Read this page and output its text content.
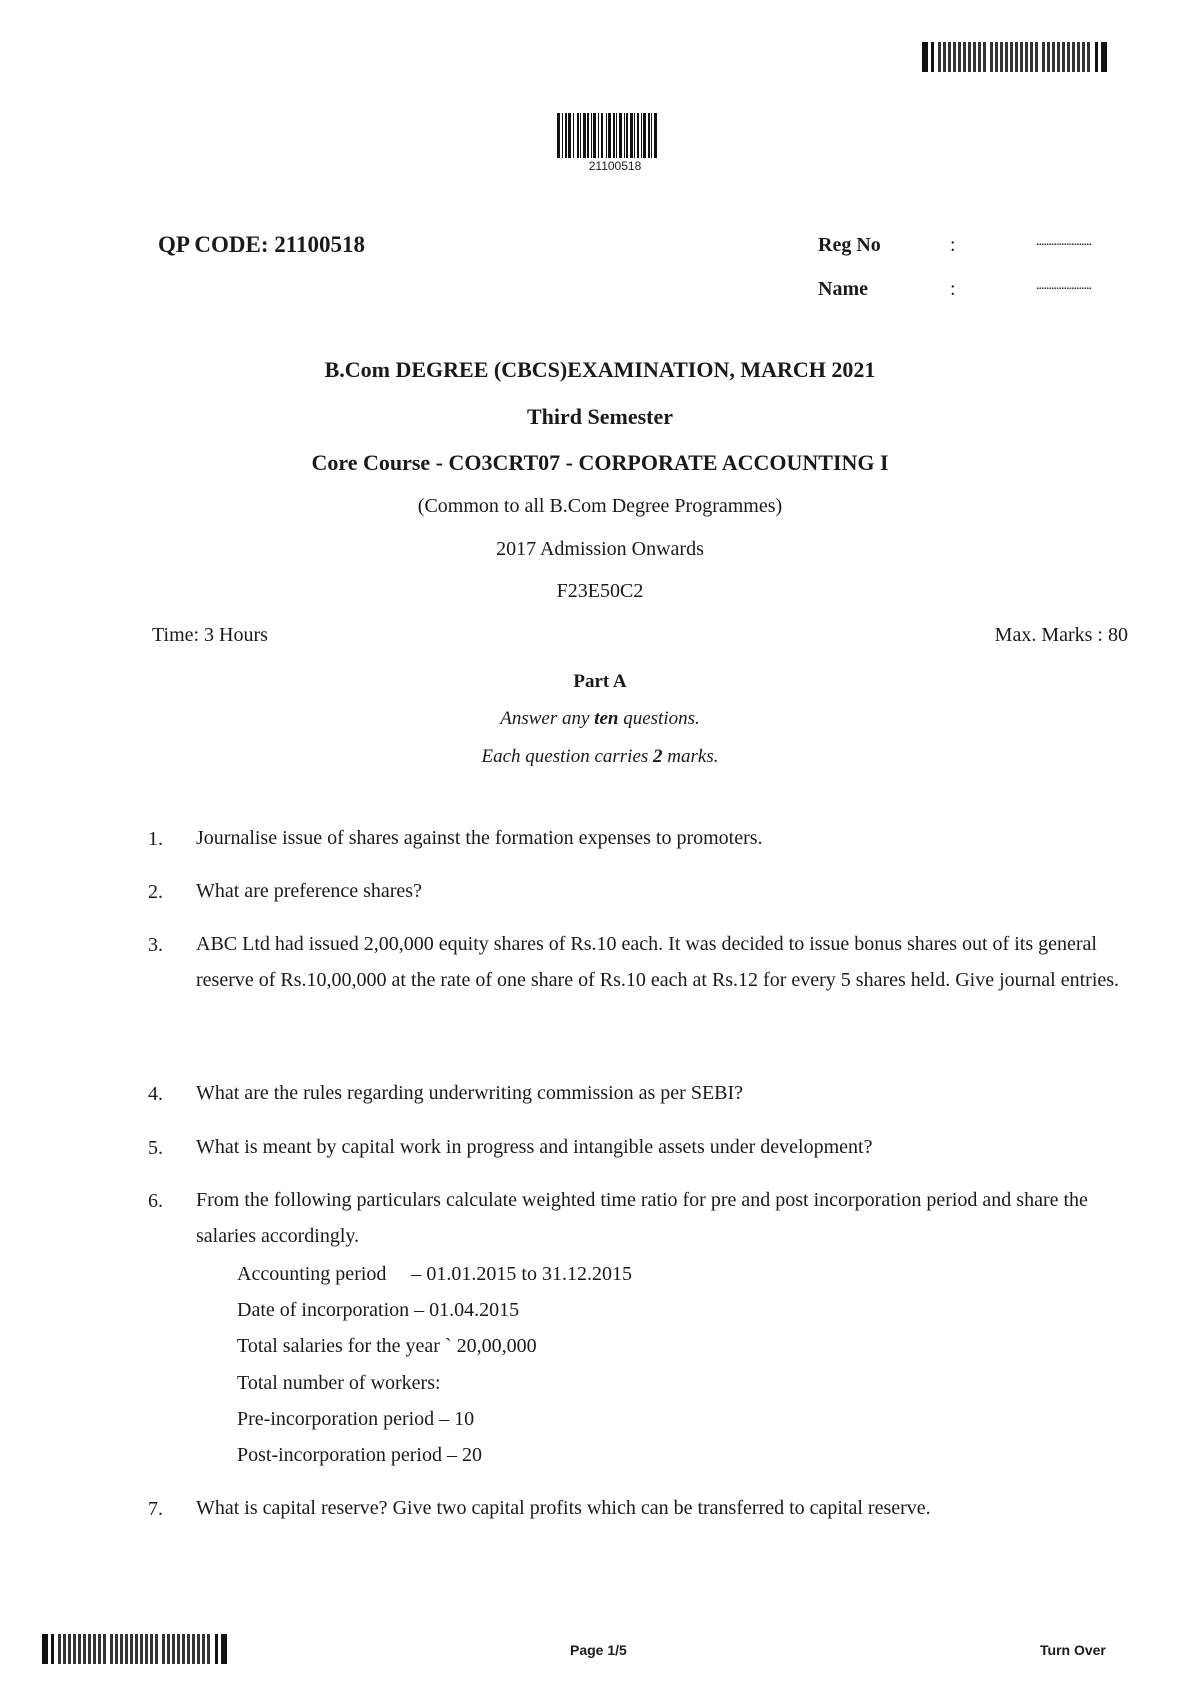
21100518
QP CODE: 21100518	Reg No	:	......................
Name	:	......................
B.Com DEGREE (CBCS)EXAMINATION, MARCH 2021
Third Semester
Core Course - CO3CRT07 - CORPORATE ACCOUNTING I
(Common to all B.Com Degree Programmes)
2017 Admission Onwards
F23E50C2
Time: 3 Hours	Max. Marks : 80
Part A
Answer any ten questions.
Each question carries 2 marks.
1. Journalise issue of shares against the formation expenses to promoters.
2. What are preference shares?
3. ABC Ltd had issued 2,00,000 equity shares of Rs.10 each. It was decided to issue bonus shares out of its general reserve of Rs.10,00,000 at the rate of one share of Rs.10 each at Rs.12 for every 5 shares held. Give journal entries.
4. What are the rules regarding underwriting commission as per SEBI?
5. What is meant by capital work in progress and intangible assets under development?
6. From the following particulars calculate weighted time ratio for pre and post incorporation period and share the salaries accordingly.
Accounting period     – 01.01.2015 to 31.12.2015
Date of incorporation – 01.04.2015
Total salaries for the year ` 20,00,000
Total number of workers:
Pre-incorporation period – 10
Post-incorporation period – 20
7. What is capital reserve? Give two capital profits which can be transferred to capital reserve.
Page 1/5	Turn Over
